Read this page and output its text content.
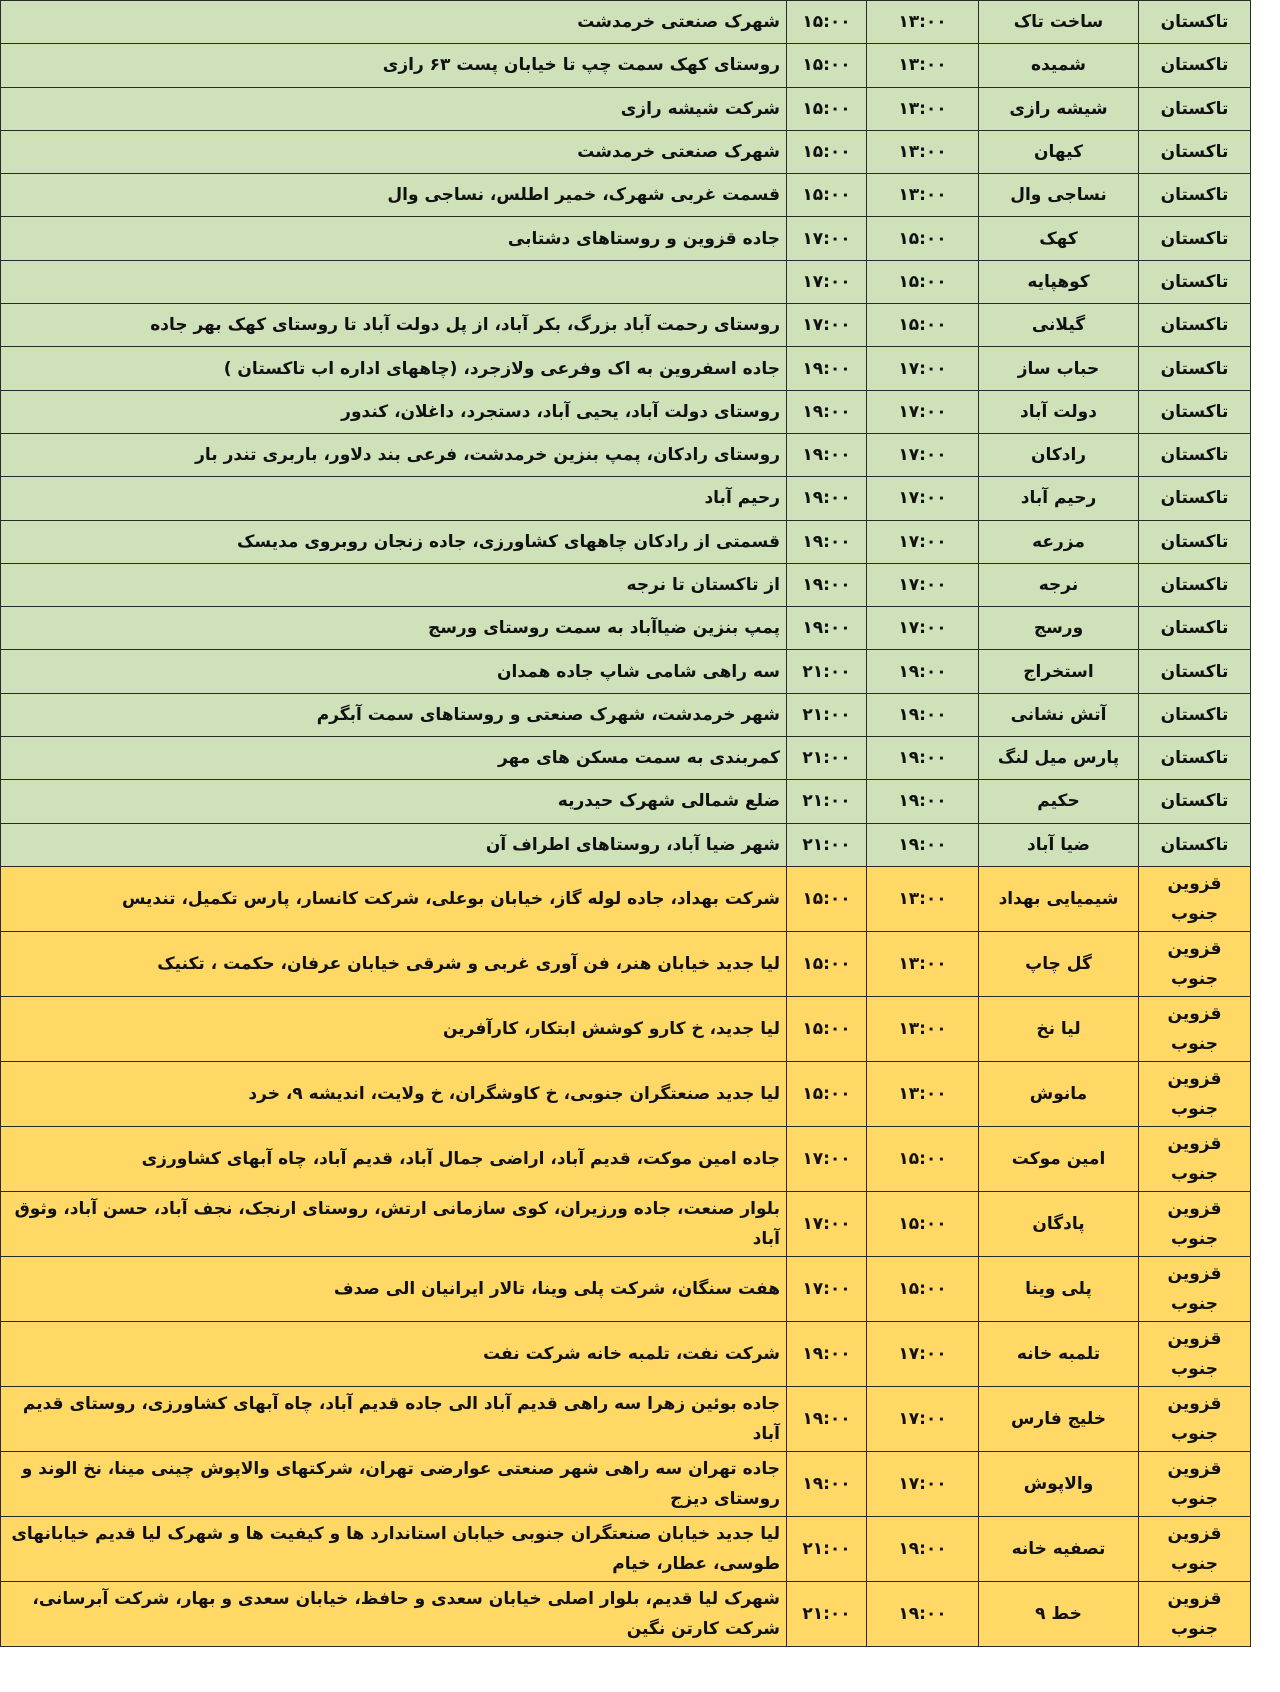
تاکستان	ساخت تاک	۱۳:۰۰	۱۵:۰۰	شهرک صنعتی خرمدشت
تاکستان	شمیده	۱۳:۰۰	۱۵:۰۰	روستای کهک سمت چپ تا خیابان پست ۶۳ رازی
تاکستان	شیشه رازی	۱۳:۰۰	۱۵:۰۰	شرکت شیشه رازی
تاکستان	کیهان	۱۳:۰۰	۱۵:۰۰	شهرک صنعتی خرمدشت
تاکستان	نساجی وال	۱۳:۰۰	۱۵:۰۰	قسمت غربی شهرک، خمیر اطلس، نساجی وال
تاکستان	کهک	۱۵:۰۰	۱۷:۰۰	جاده قزوین و روستاهای دشتابی
تاکستان	کوهپایه	۱۵:۰۰	۱۷:۰۰	
تاکستان	گیلانی	۱۵:۰۰	۱۷:۰۰	روستای رحمت آباد بزرگ، بکر آباد، از پل دولت آباد تا روستای کهک بهر جاده
تاکستان	حباب ساز	۱۷:۰۰	۱۹:۰۰	جاده اسفروین به اک وفرعی ولازجرد، (چاههای اداره اب تاکستان )
تاکستان	دولت آباد	۱۷:۰۰	۱۹:۰۰	روستای دولت آباد، یحیی آباد، دستجرد، داغلان، کندور
تاکستان	رادکان	۱۷:۰۰	۱۹:۰۰	روستای رادکان، پمپ بنزین خرمدشت، فرعی بند دلاور، باربری تندر بار
تاکستان	رحیم آباد	۱۷:۰۰	۱۹:۰۰	رحیم آباد
تاکستان	مزرعه	۱۷:۰۰	۱۹:۰۰	قسمتی از رادکان چاههای کشاورزی، جاده زنجان روبروی مدیسک
تاکستان	نرجه	۱۷:۰۰	۱۹:۰۰	از تاکستان تا نرجه
تاکستان	ورسج	۱۷:۰۰	۱۹:۰۰	پمپ بنزین ضیاآباد به سمت روستای ورسج
تاکستان	استخراج	۱۹:۰۰	۲۱:۰۰	سه راهی شامی شاپ جاده همدان
تاکستان	آتش نشانی	۱۹:۰۰	۲۱:۰۰	شهر خرمدشت، شهرک صنعتی و روستاهای سمت آبگرم
تاکستان	پارس میل لنگ	۱۹:۰۰	۲۱:۰۰	کمربندی به سمت مسکن های مهر
تاکستان	حکیم	۱۹:۰۰	۲۱:۰۰	ضلع شمالی شهرک حیدریه
تاکستان	ضیا آباد	۱۹:۰۰	۲۱:۰۰	شهر ضیا آباد، روستاهای اطراف آن
قزوین جنوب	شیمیایی بهداد	۱۳:۰۰	۱۵:۰۰	شرکت بهداد، جاده لوله گاز، خیابان بوعلی، شرکت کانسار، پارس تکمیل، تندیس
قزوین جنوب	گل چاپ	۱۳:۰۰	۱۵:۰۰	لیا جدید خیابان هنر، فن آوری غربی و شرقی خیابان عرفان، حکمت ، تکنیک
قزوین جنوب	لیا نخ	۱۳:۰۰	۱۵:۰۰	لیا جدید، خ کارو کوشش ابتکار، کارآفرین
قزوین جنوب	مانوش	۱۳:۰۰	۱۵:۰۰	لیا جدید صنعتگران جنوبی، خ کاوشگران، خ ولایت، اندیشه ۹، خرد
قزوین جنوب	امین موکت	۱۵:۰۰	۱۷:۰۰	جاده امین موکت، قدیم آباد، اراضی جمال آباد، قدیم آباد، چاه آبهای کشاورزی
قزوین جنوب	پادگان	۱۵:۰۰	۱۷:۰۰	بلوار صنعت، جاده ورزیران، کوی سازمانی ارتش، روستای ارنجک، نجف آباد، حسن آباد، وثوق آباد
قزوین جنوب	پلی وینا	۱۵:۰۰	۱۷:۰۰	هفت سنگان، شرکت پلی وینا، تالار ایرانیان الی صدف
قزوین جنوب	تلمبه خانه	۱۷:۰۰	۱۹:۰۰	شرکت نفت، تلمبه خانه شرکت نفت
قزوین جنوب	خلیج فارس	۱۷:۰۰	۱۹:۰۰	جاده بوئین زهرا سه راهی قدیم آباد الی جاده قدیم آباد، چاه آبهای کشاورزی، روستای قدیم آباد
قزوین جنوب	والاپوش	۱۷:۰۰	۱۹:۰۰	جاده تهران سه راهی شهر صنعتی عوارضی تهران، شرکتهای والاپوش چینی مینا، نخ الوند و روستای دیزج
قزوین جنوب	تصفیه خانه	۱۹:۰۰	۲۱:۰۰	لیا جدید خیابان صنعتگران جنوبی خیابان استاندارد ها و کیفیت ها و شهرک لیا قدیم خیابانهای طوسی، عطار، خیام
قزوین جنوب	خط ۹	۱۹:۰۰	۲۱:۰۰	شهرک لیا قدیم، بلوار اصلی خیابان سعدی و حافظ، خیابان سعدی و بهار، شرکت آبرسانی، شرکت کارتن نگین
